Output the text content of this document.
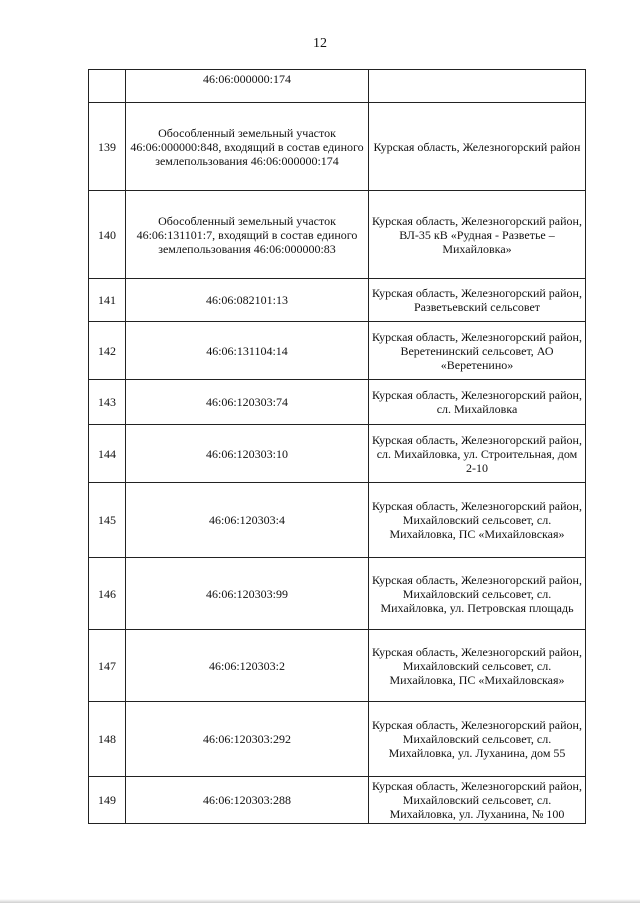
12
	46:06:000000:174	
139	Обособленный земельный участок 46:06:000000:848, входящий в состав единого землепользования 46:06:000000:174	Курская область, Железногорский район
140	Обособленный земельный участок 46:06:131101:7, входящий в состав единого землепользования 46:06:000000:83	Курская область, Железногорский район, ВЛ-35 кВ «Рудная - Разветье – Михайловка»
141	46:06:082101:13	Курская область, Железногорский район, Разветьевский сельсовет
142	46:06:131104:14	Курская область, Железногорский район, Веретенинский сельсовет, АО «Веретенино»
143	46:06:120303:74	Курская область, Железногорский район, сл. Михайловка
144	46:06:120303:10	Курская область, Железногорский район, сл. Михайловка, ул. Строительная, дом 2-10
145	46:06:120303:4	Курская область, Железногорский район, Михайловский сельсовет, сл. Михайловка, ПС «Михайловская»
146	46:06:120303:99	Курская область, Железногорский район, Михайловский сельсовет, сл. Михайловка, ул. Петровская площадь
147	46:06:120303:2	Курская область, Железногорский район, Михайловский сельсовет, сл. Михайловка, ПС «Михайловская»
148	46:06:120303:292	Курская область, Железногорский район, Михайловский сельсовет, сл. Михайловка, ул. Луханина, дом 55
149	46:06:120303:288	Курская область, Железногорский район, Михайловский сельсовет, сл. Михайловка, ул. Луханина, № 100
